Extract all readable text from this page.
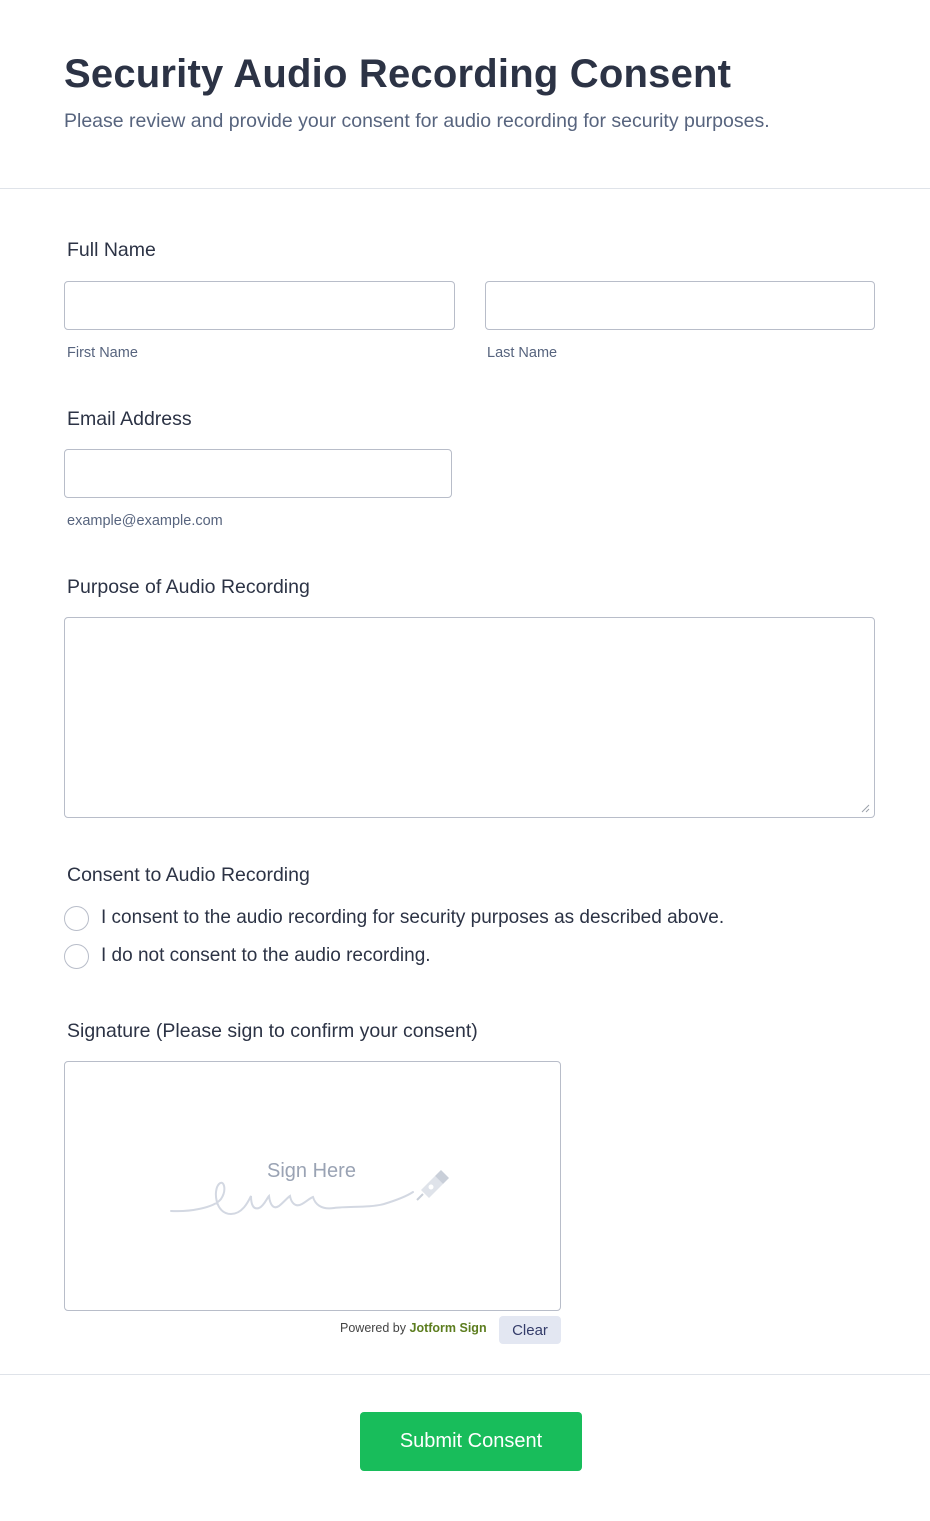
Security Audio Recording Consent

Please review and provide your consent for audio recording for security purposes.

Full Name
First Name	Last Name
Email Address
example@example.com
Purpose of Audio Recording
Consent to Audio Recording
I consent to the audio recording for security purposes as described above.
I do not consent to the audio recording.
Signature (Please sign to confirm your consent)
Sign Here
Powered by Jotform Sign	Clear
Submit Consent
